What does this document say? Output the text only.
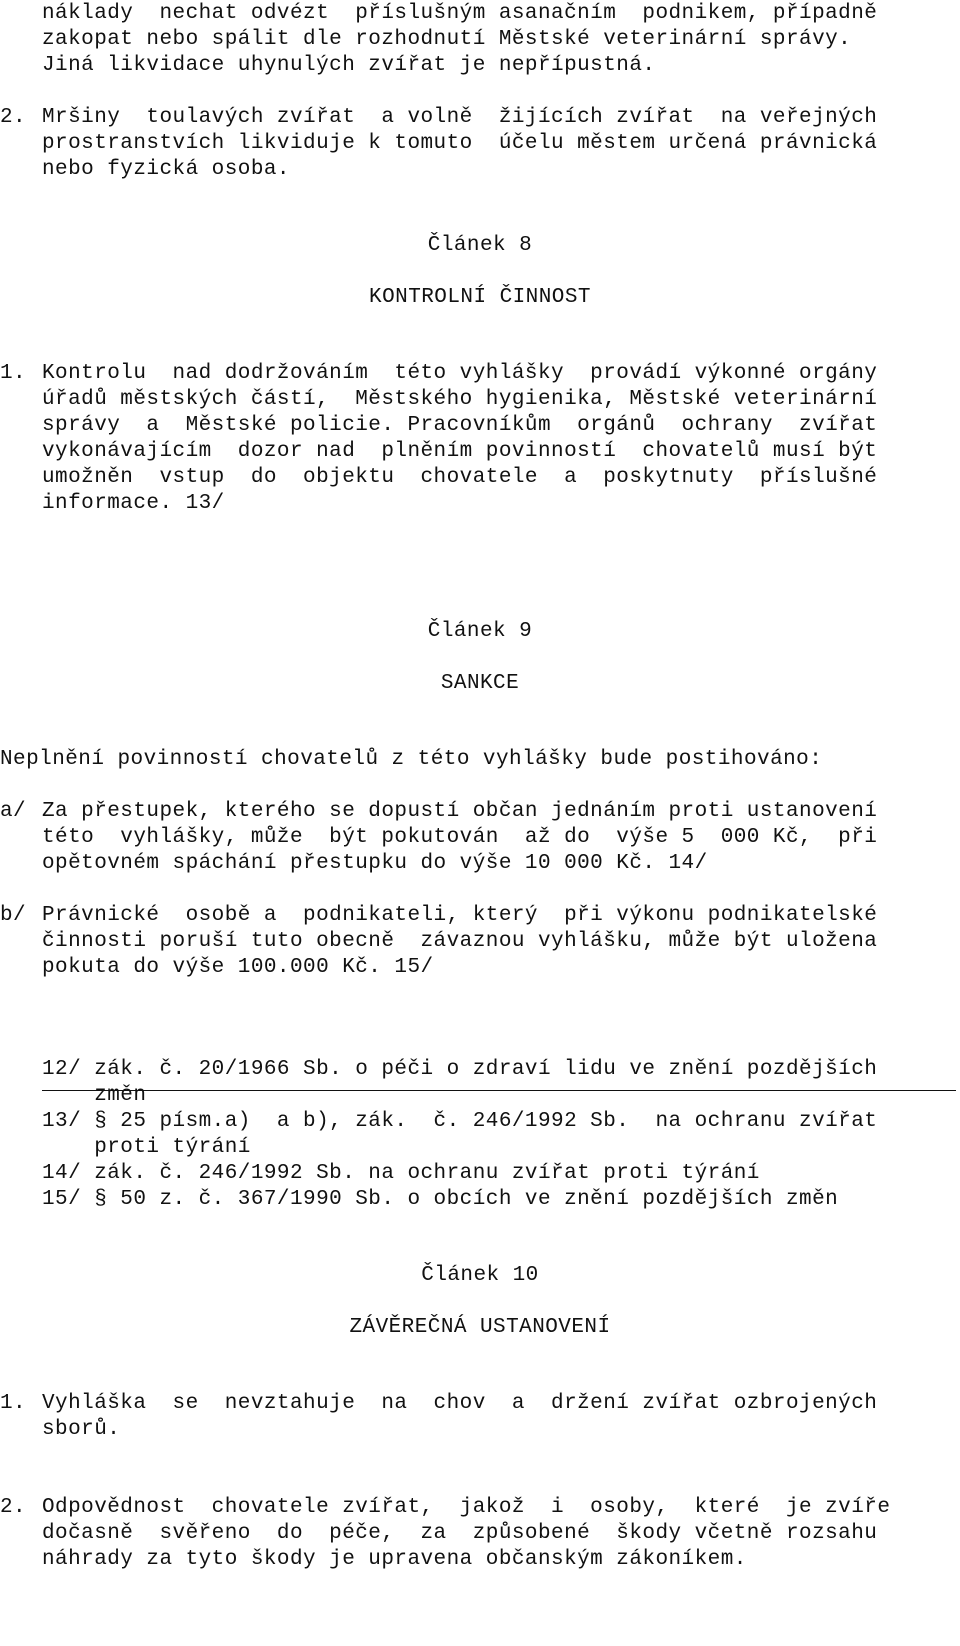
náklady  nechat odvézt  příslušným asanačním  podnikem, případně
zakopat nebo spálit dle rozhodnutí Městské veterinární správy.
Jiná likvidace uhynulých zvířat je nepřípustná.
2. Mršiny  toulavých zvířat  a volně  žijících zvířat  na veřejných
prostranstvích likviduje k tomuto  účelu městem určená právnická
nebo fyzická osoba.
Článek 8
KONTROLNÍ ČINNOST
1. Kontrolu  nad dodržováním  této vyhlášky  provádí výkonné orgány
úřadů městských částí,  Městského hygienika, Městské veterinární
správy  a  Městské policie. Pracovníkům  orgánů  ochrany  zvířat
vykonávajícím  dozor nad  plněním povinností  chovatelů musí být
umožněn  vstup  do  objektu  chovatele  a  poskytnuty  příslušné
informace. 13/
Článek 9
SANKCE
Neplnění povinností chovatelů z této vyhlášky bude postihováno:
a/ Za přestupek, kterého se dopustí občan jednáním proti ustanovení
této  vyhlášky, může  být pokutován  až do  výše 5  000 Kč,  při
opětovném spáchání přestupku do výše 10 000 Kč. 14/
b/ Právnické  osobě a  podnikateli, který  při výkonu podnikatelské
činnosti poruší tuto obecně  závaznou vyhlášku, může být uložena
pokuta do výše 100.000 Kč. 15/
12/ zák. č. 20/1966 Sb. o péči o zdraví lidu ve znění pozdějších
změn
13/ § 25 písm.a)  a b), zák.  č. 246/1992 Sb.  na ochranu zvířat
proti týrání
14/ zák. č. 246/1992 Sb. na ochranu zvířat proti týrání
15/ § 50 z. č. 367/1990 Sb. o obcích ve znění pozdějších změn
Článek 10
ZÁVĚREČNÁ USTANOVENÍ
1. Vyhláška  se  nevztahuje  na  chov  a  držení zvířat ozbrojených
sborů.
2. Odpovědnost  chovatele zvířat,  jakož  i  osoby,  které  je zvíře
dočasně  svěřeno  do  péče,  za  způsobené  škody včetně rozsahu
náhrady za tyto škody je upravena občanským zákoníkem.
